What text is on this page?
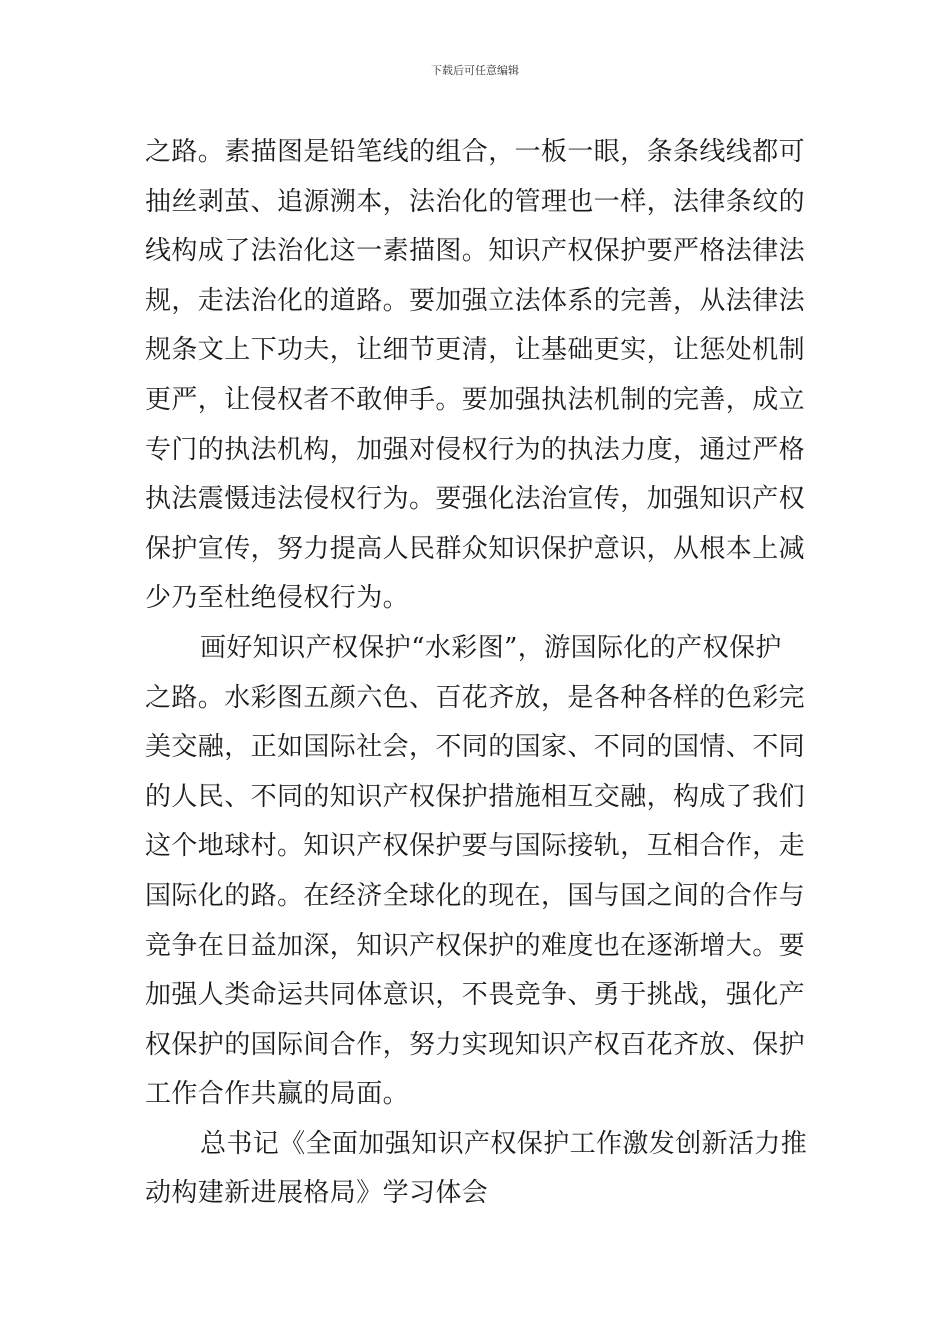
下载后可任意编辑
之路。素描图是铅笔线的组合，一板一眼，条条线线都可
抽丝剥茧、追源溯本，法治化的管理也一样，法律条纹的
线构成了法治化这一素描图。知识产权保护要严格法律法
规，走法治化的道路。要加强立法体系的完善，从法律法
规条文上下功夫，让细节更清，让基础更实，让惩处机制
更严，让侵权者不敢伸手。要加强执法机制的完善，成立
专门的执法机构，加强对侵权行为的执法力度，通过严格
执法震慑违法侵权行为。要强化法治宣传，加强知识产权
保护宣传，努力提高人民群众知识保护意识，从根本上减
少乃至杜绝侵权行为。
画好知识产权保护“水彩图”，游国际化的产权保护
之路。水彩图五颜六色、百花齐放，是各种各样的色彩完
美交融，正如国际社会，不同的国家、不同的国情、不同
的人民、不同的知识产权保护措施相互交融，构成了我们
这个地球村。知识产权保护要与国际接轨，互相合作，走
国际化的路。在经济全球化的现在，国与国之间的合作与
竞争在日益加深，知识产权保护的难度也在逐渐增大。要
加强人类命运共同体意识，不畏竞争、勇于挑战，强化产
权保护的国际间合作，努力实现知识产权百花齐放、保护
工作合作共赢的局面。
总书记《全面加强知识产权保护工作激发创新活力推
动构建新进展格局》学习体会
